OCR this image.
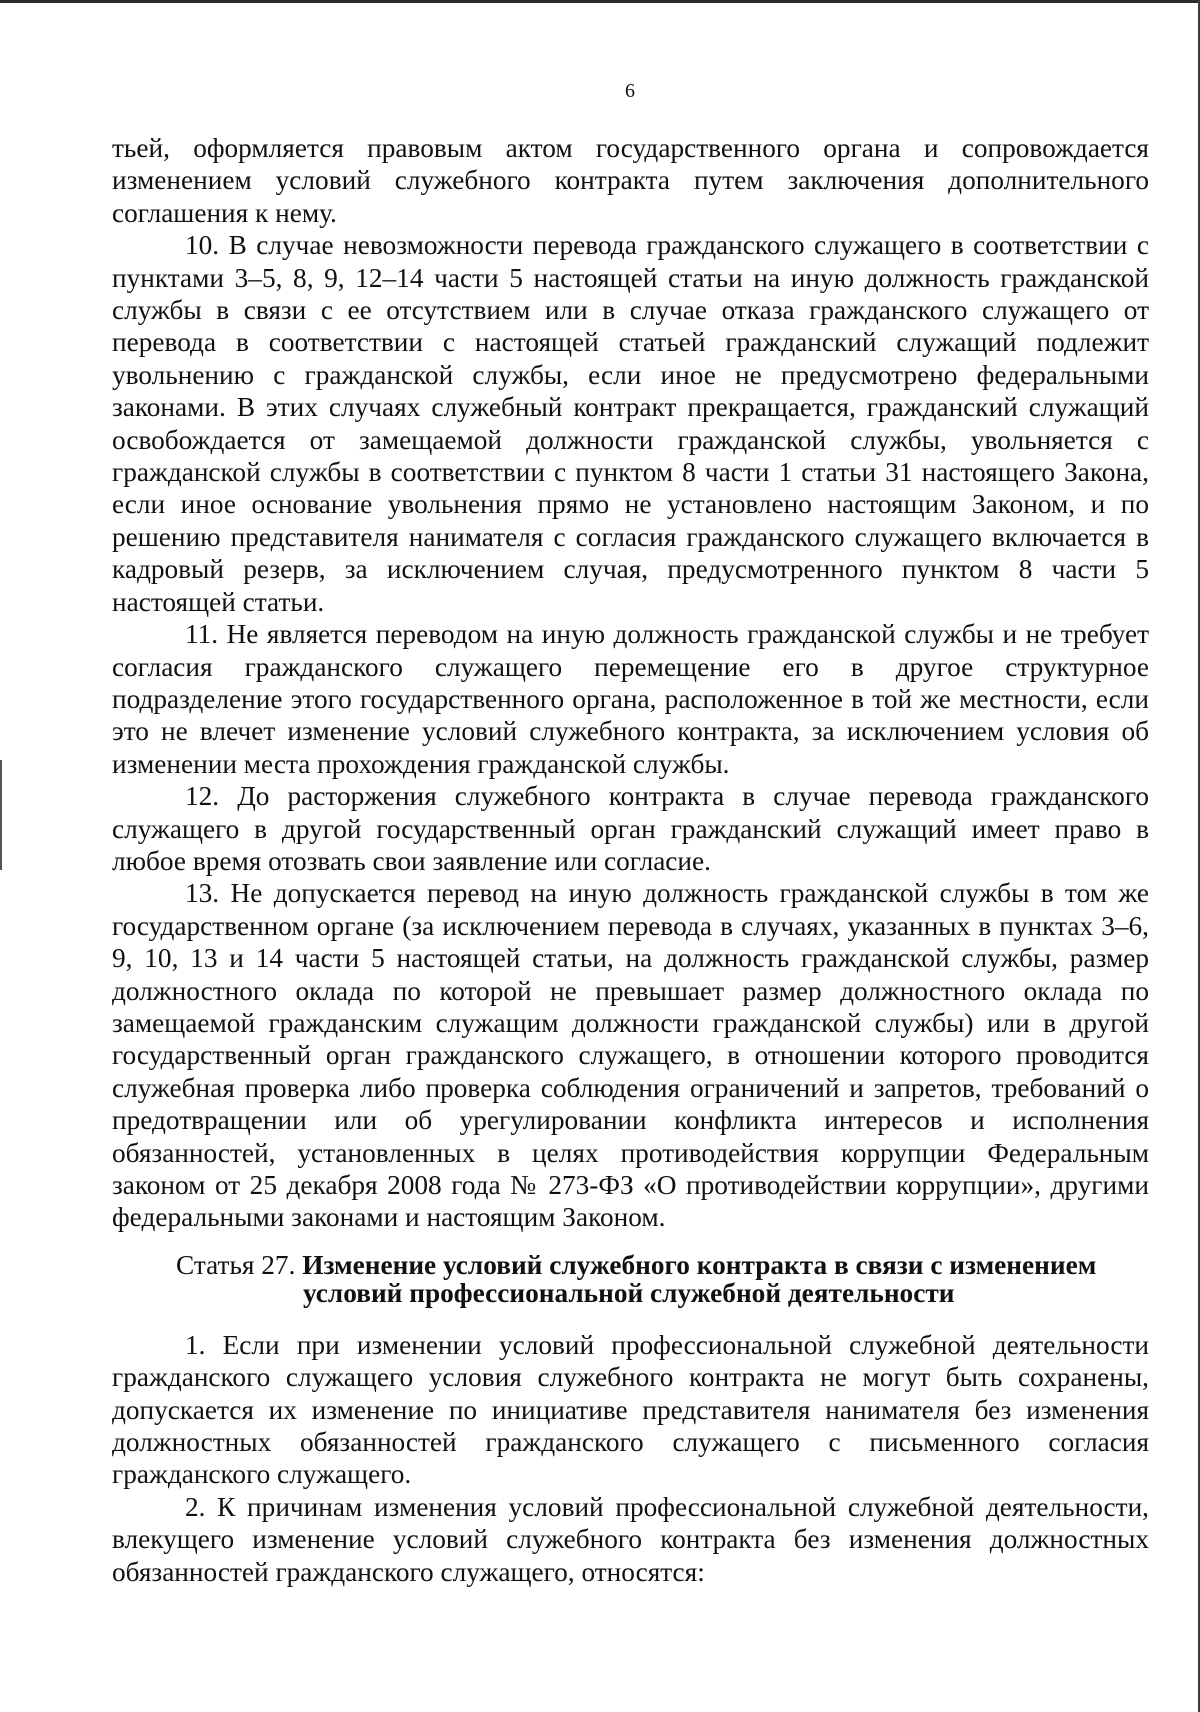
6

тьей, оформляется правовым актом государственного органа и сопровождается изменением условий служебного контракта путем заключения дополнительного соглашения к нему.

10. В случае невозможности перевода гражданского служащего в соответствии с пунктами 3–5, 8, 9, 12–14 части 5 настоящей статьи на иную должность гражданской службы в связи с ее отсутствием или в случае отказа гражданского служащего от перевода в соответствии с настоящей статьей гражданский служащий подлежит увольнению с гражданской службы, если иное не предусмотрено федеральными законами. В этих случаях служебный контракт прекращается, гражданский служащий освобождается от замещаемой должности гражданской службы, увольняется с гражданской службы в соответствии с пунктом 8 части 1 статьи 31 настоящего Закона, если иное основание увольнения прямо не установлено настоящим Законом, и по решению представителя нанимателя с согласия гражданского служащего включается в кадровый резерв, за исключением случая, предусмотренного пунктом 8 части 5 настоящей статьи.

11. Не является переводом на иную должность гражданской службы и не требует согласия гражданского служащего перемещение его в другое структурное подразделение этого государственного органа, расположенное в той же местности, если это не влечет изменение условий служебного контракта, за исключением условия об изменении места прохождения гражданской службы.

12. До расторжения служебного контракта в случае перевода гражданского служащего в другой государственный орган гражданский служащий имеет право в любое время отозвать свои заявление или согласие.

13. Не допускается перевод на иную должность гражданской службы в том же государственном органе (за исключением перевода в случаях, указанных в пунктах 3–6, 9, 10, 13 и 14 части 5 настоящей статьи, на должность гражданской службы, размер должностного оклада по которой не превышает размер должностного оклада по замещаемой гражданским служащим должности гражданской службы) или в другой государственный орган гражданского служащего, в отношении которого проводится служебная проверка либо проверка соблюдения ограничений и запретов, требований о предотвращении или об урегулировании конфликта интересов и исполнения обязанностей, установленных в целях противодействия коррупции Федеральным законом от 25 декабря 2008 года № 273-ФЗ «О противодействии коррупции», другими федеральными законами и настоящим Законом.

Статья 27. Изменение условий служебного контракта в связи с изменением
условий профессиональной служебной деятельности

1. Если при изменении условий профессиональной служебной деятельности гражданского служащего условия служебного контракта не могут быть сохранены, допускается их изменение по инициативе представителя нанимателя без изменения должностных обязанностей гражданского служащего с письменного согласия гражданского служащего.

2. К причинам изменения условий профессиональной служебной деятельности, влекущего изменение условий служебного контракта без изменения должностных обязанностей гражданского служащего, относятся:
